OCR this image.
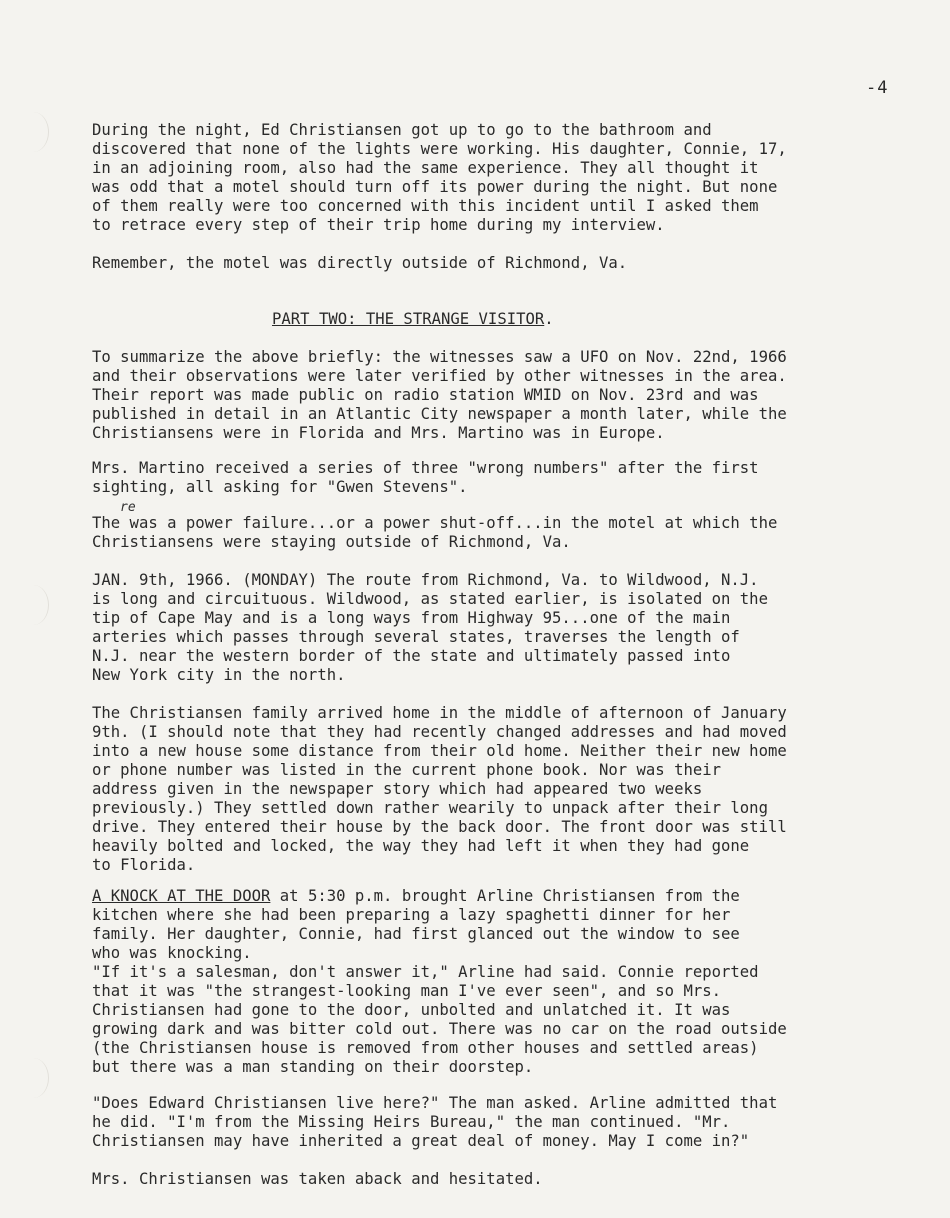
-4

During the night, Ed Christiansen got up to go to the bathroom and
discovered that none of the lights were working. His daughter, Connie, 17,
in an adjoining room, also had the same experience. They all thought it
was odd that a motel should turn off its power during the night. But none
of them really were too concerned with this incident until I asked them
to retrace every step of their trip home during my interview.

Remember, the motel was directly outside of Richmond, Va.

PART TWO: THE STRANGE VISITOR.

To summarize the above briefly: the witnesses saw a UFO on Nov. 22nd, 1966
and their observations were later verified by other witnesses in the area.
Their report was made public on radio station WMID on Nov. 23rd and was
published in detail in an Atlantic City newspaper a month later, while the
Christiansens were in Florida and Mrs. Martino was in Europe.

Mrs. Martino received a series of three "wrong numbers" after the first
sighting, all asking for "Gwen Stevens".

re

The was a power failure...or a power shut-off...in the motel at which the
Christiansens were staying outside of Richmond, Va.

JAN. 9th, 1966. (MONDAY) The route from Richmond, Va. to Wildwood, N.J.
is long and circuituous. Wildwood, as stated earlier, is isolated on the
tip of Cape May and is a long ways from Highway 95...one of the main
arteries which passes through several states, traverses the length of
N.J. near the western border of the state and ultimately passed into
New York city in the north.

The Christiansen family arrived home in the middle of afternoon of January
9th. (I should note that they had recently changed addresses and had moved
into a new house some distance from their old home. Neither their new home
or phone number was listed in the current phone book. Nor was their
address given in the newspaper story which had appeared two weeks
previously.) They settled down rather wearily to unpack after their long
drive. They entered their house by the back door. The front door was still
heavily bolted and locked, the way they had left it when they had gone
to Florida.

A KNOCK AT THE DOOR at 5:30 p.m. brought Arline Christiansen from the
kitchen where she had been preparing a lazy spaghetti dinner for her
family. Her daughter, Connie, had first glanced out the window to see
who was knocking.
"If it's a salesman, don't answer it," Arline had said. Connie reported
that it was "the strangest-looking man I've ever seen", and so Mrs.
Christiansen had gone to the door, unbolted and unlatched it. It was
growing dark and was bitter cold out. There was no car on the road outside
(the Christiansen house is removed from other houses and settled areas)
but there was a man standing on their doorstep.

"Does Edward Christiansen live here?" The man asked. Arline admitted that
he did. "I'm from the Missing Heirs Bureau," the man continued. "Mr.
Christiansen may have inherited a great deal of money. May I come in?"

Mrs. Christiansen was taken aback and hesitated.
